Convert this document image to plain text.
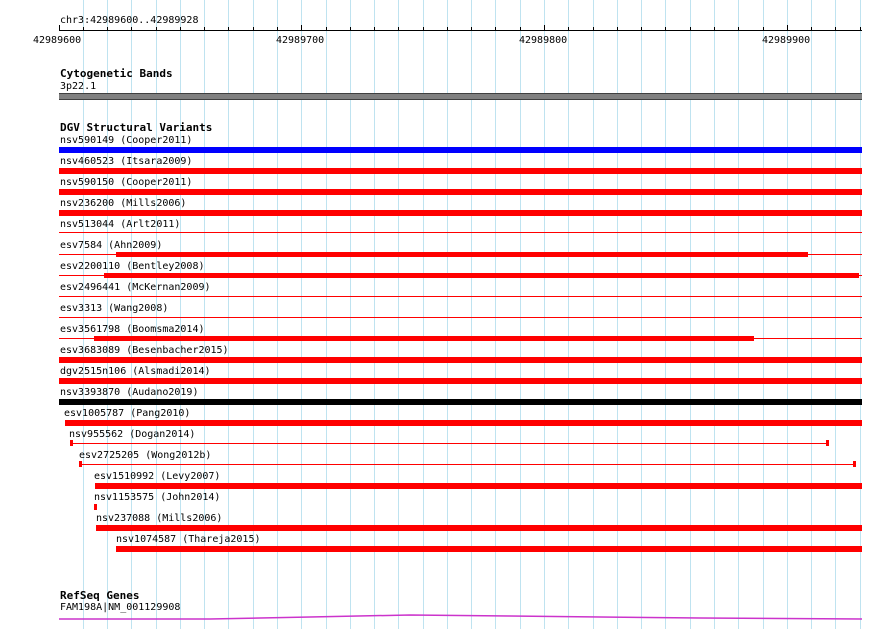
chr3:42989600..42989928
42989600	42989700	42989800	42989900
Cytogenetic Bands
3p22.1
DGV Structural Variants
nsv590149 (Cooper2011)
nsv460523 (Itsara2009)
nsv590150 (Cooper2011)
nsv236200 (Mills2006)
nsv513044 (Arlt2011)
esv7584 (Ahn2009)
esv2200110 (Bentley2008)
esv2496441 (McKernan2009)
esv3313 (Wang2008)
esv3561798 (Boomsma2014)
esv3683089 (Besenbacher2015)
dgv2515n106 (Alsmadi2014)
nsv3393870 (Audano2019)
esv1005787 (Pang2010)
nsv955562 (Dogan2014)
esv2725205 (Wong2012b)
esv1510992 (Levy2007)
nsv1153575 (John2014)
nsv237088 (Mills2006)
nsv1074587 (Thareja2015)
RefSeq Genes
FAM198A|NM_001129908
